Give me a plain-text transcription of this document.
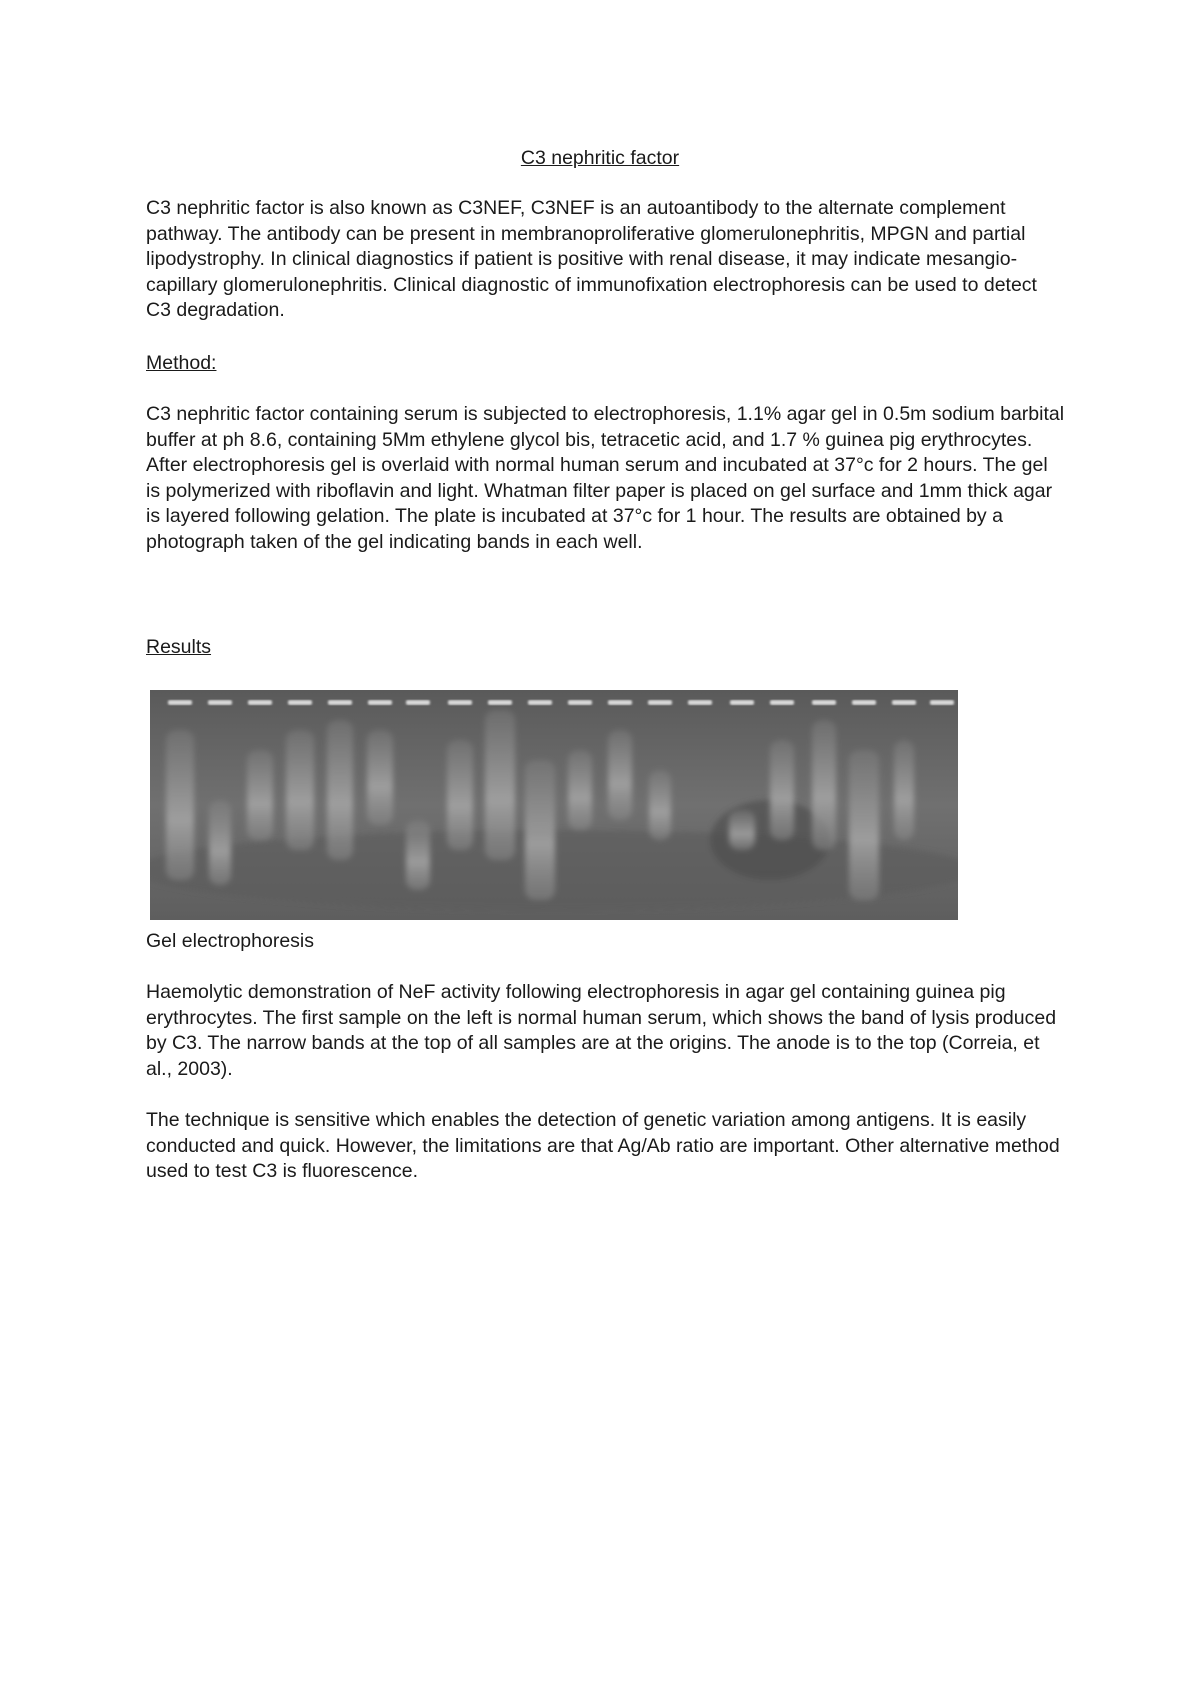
C3 nephritic factor

C3 nephritic factor is also known as C3NEF, C3NEF is an autoantibody to the alternate complement pathway. The antibody can be present in membranoproliferative glomerulonephritis, MPGN and partial lipodystrophy. In clinical diagnostics if patient is positive with renal disease, it may indicate mesangio-capillary glomerulonephritis. Clinical diagnostic of immunofixation electrophoresis can be used to detect C3 degradation.

Method:

C3 nephritic factor containing serum is subjected to electrophoresis, 1.1% agar gel in 0.5m sodium barbital buffer at ph 8.6, containing 5Mm ethylene glycol bis, tetracetic acid, and 1.7 % guinea pig erythrocytes. After electrophoresis gel is overlaid with normal human serum and incubated at 37°c for 2 hours. The gel is polymerized with riboflavin and light. Whatman filter paper is placed on gel surface and 1mm thick agar is layered following gelation. The plate is incubated at 37°c for 1 hour. The results are obtained by a photograph taken of the gel indicating bands in each well.

Results

Gel electrophoresis

Haemolytic demonstration of NeF activity following electrophoresis in agar gel containing guinea pig erythrocytes. The first sample on the left is normal human serum, which shows the band of lysis produced by C3. The narrow bands at the top of all samples are at the origins. The anode is to the top (Correia, et al., 2003).

The technique is sensitive which enables the detection of genetic variation among antigens. It is easily conducted and quick. However, the limitations are that Ag/Ab ratio are important. Other alternative method used to test C3 is fluorescence.
